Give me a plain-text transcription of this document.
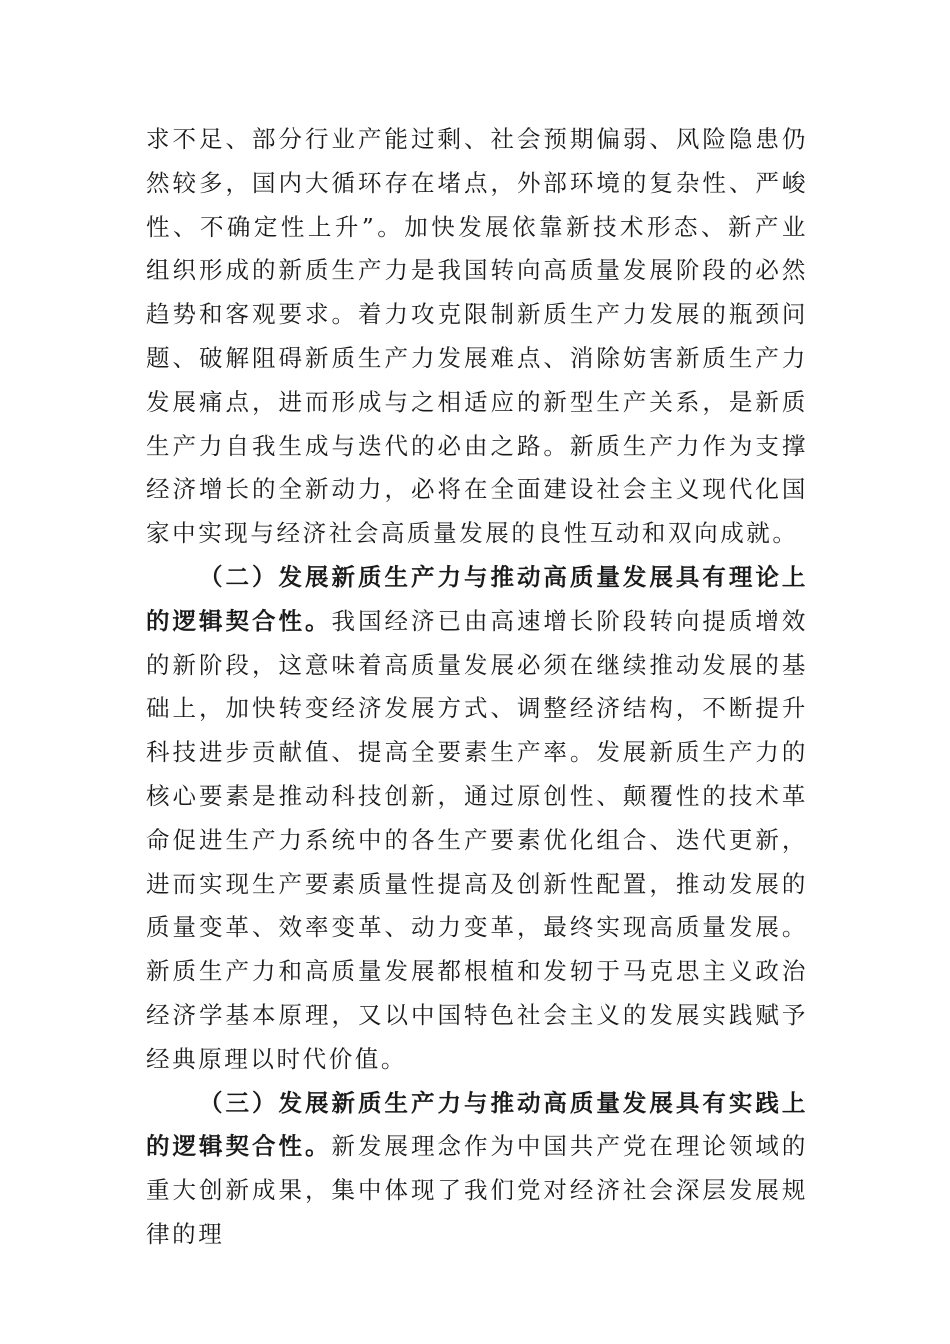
求不足、部分行业产能过剩、社会预期偏弱、风险隐患仍然较多，国内大循环存在堵点，外部环境的复杂性、严峻性、不确定性上升”。加快发展依靠新技术形态、新产业组织形成的新质生产力是我国转向高质量发展阶段的必然趋势和客观要求。着力攻克限制新质生产力发展的瓶颈问题、破解阻碍新质生产力发展难点、消除妨害新质生产力发展痛点，进而形成与之相适应的新型生产关系，是新质生产力自我生成与迭代的必由之路。新质生产力作为支撑经济增长的全新动力，必将在全面建设社会主义现代化国家中实现与经济社会高质量发展的良性互动和双向成就。

（二）发展新质生产力与推动高质量发展具有理论上的逻辑契合性。我国经济已由高速增长阶段转向提质增效的新阶段，这意味着高质量发展必须在继续推动发展的基础上，加快转变经济发展方式、调整经济结构，不断提升科技进步贡献值、提高全要素生产率。发展新质生产力的核心要素是推动科技创新，通过原创性、颠覆性的技术革命促进生产力系统中的各生产要素优化组合、迭代更新，进而实现生产要素质量性提高及创新性配置，推动发展的质量变革、效率变革、动力变革，最终实现高质量发展。新质生产力和高质量发展都根植和发轫于马克思主义政治经济学基本原理，又以中国特色社会主义的发展实践赋予经典原理以时代价值。

（三）发展新质生产力与推动高质量发展具有实践上的逻辑契合性。新发展理念作为中国共产党在理论领域的重大创新成果，集中体现了我们党对经济社会深层发展规律的理
